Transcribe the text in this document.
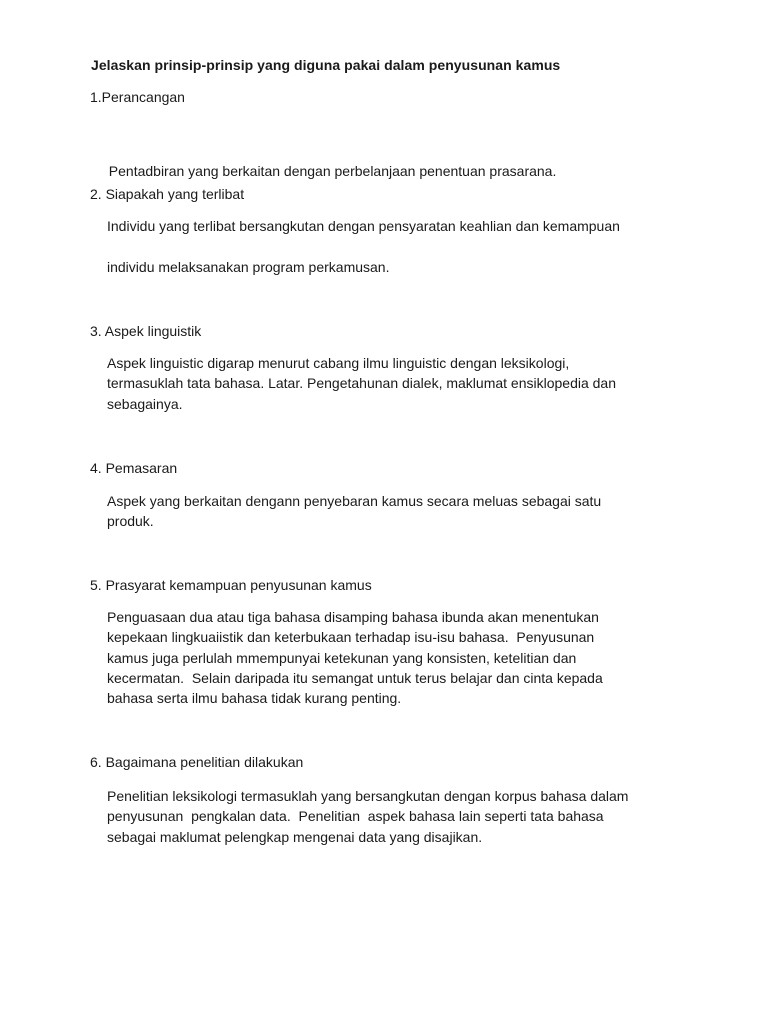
Jelaskan prinsip-prinsip yang diguna pakai dalam penyusunan kamus
1.Perancangan

Pentadbiran yang berkaitan dengan perbelanjaan penentuan prasarana.

2. Siapakah yang terlibat

Individu yang terlibat bersangkutan dengan pensyaratan keahlian dan kemampuan

individu melaksanakan program perkamusan.

3. Aspek linguistik

Aspek linguistic digarap menurut cabang ilmu linguistic dengan leksikologi,

termasuklah tata bahasa. Latar. Pengetahunan dialek, maklumat ensiklopedia dan

sebagainya.

4. Pemasaran

Aspek yang berkaitan dengann penyebaran kamus secara meluas sebagai satu

produk.

5. Prasyarat kemampuan penyusunan kamus

Penguasaan dua atau tiga bahasa disamping bahasa ibunda akan menentukan

kepekaan lingkuaiistik dan keterbukaan terhadap isu-isu bahasa.  Penyusunan

kamus juga perlulah mmempunyai ketekunan yang konsisten, ketelitian dan

kecermatan.  Selain daripada itu semangat untuk terus belajar dan cinta kepada

bahasa serta ilmu bahasa tidak kurang penting.

6. Bagaimana penelitian dilakukan

Penelitian leksikologi termasuklah yang bersangkutan dengan korpus bahasa dalam

penyusunan  pengkalan data.  Penelitian  aspek bahasa lain seperti tata bahasa

sebagai maklumat pelengkap mengenai data yang disajikan.
